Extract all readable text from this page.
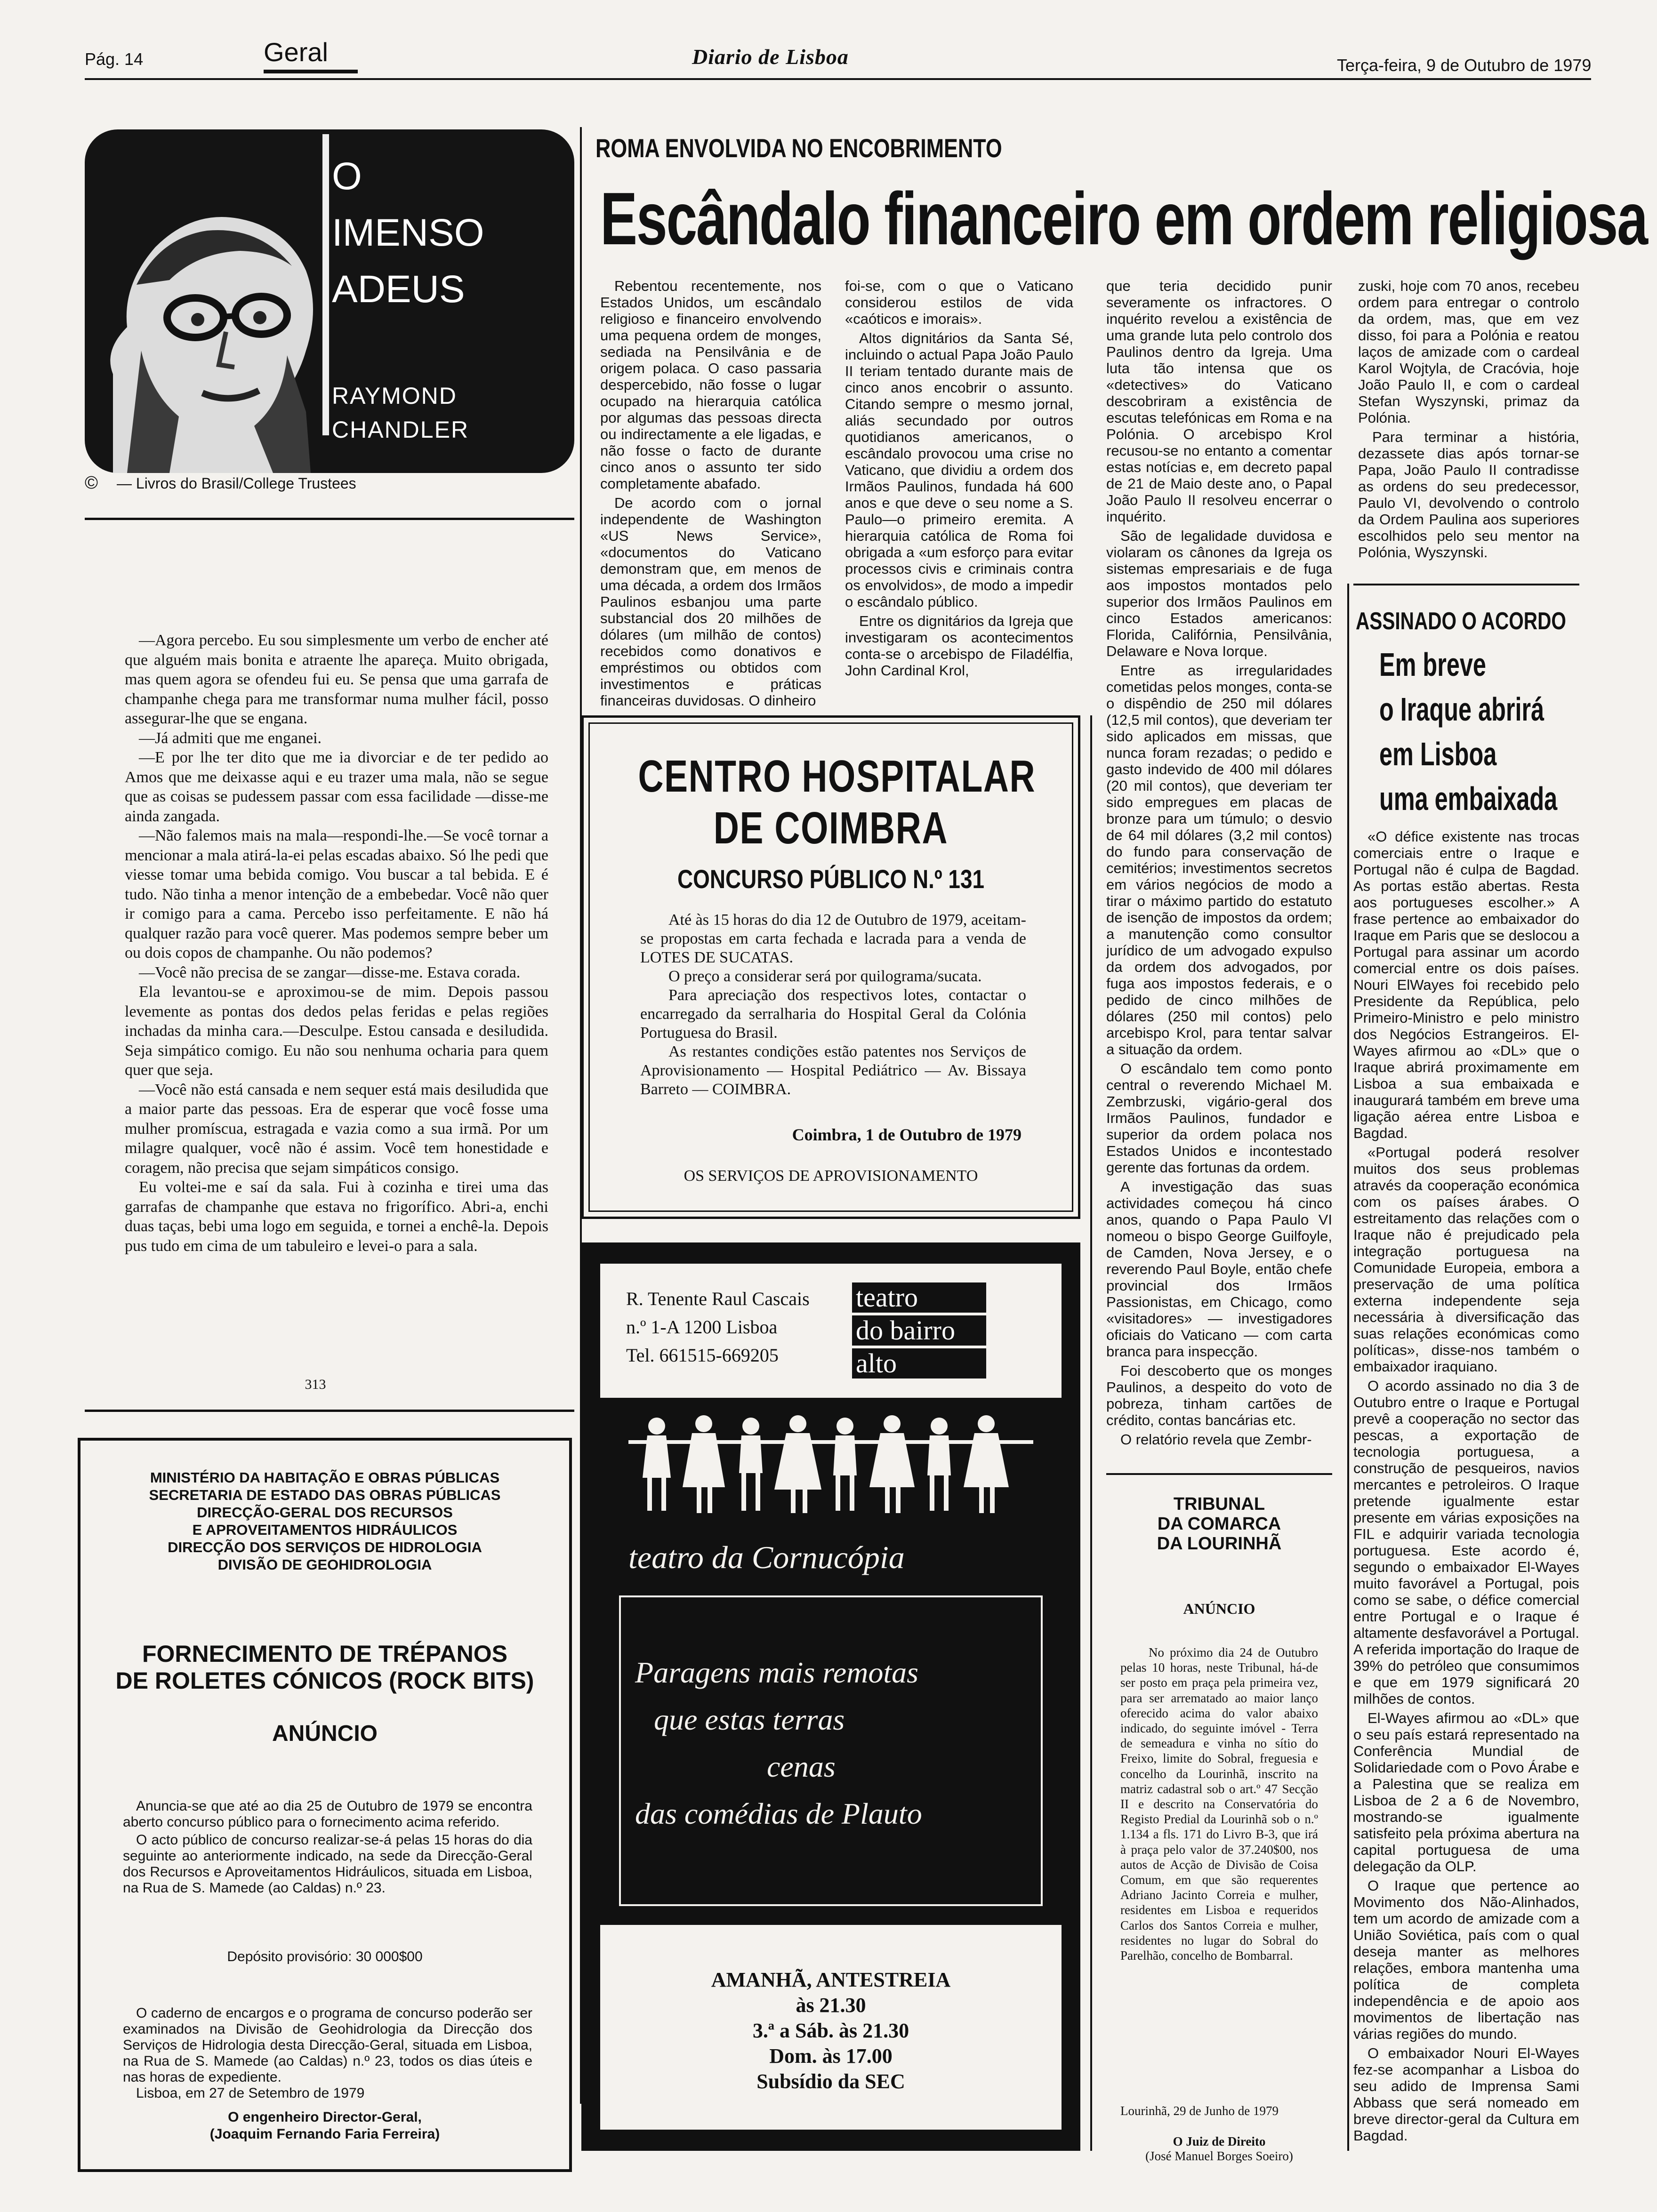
Pág. 14	Geral	Diario de Lisboa	Terça-feira, 9 de Outubro de 1979
O
IMENSO
ADEUS
RAYMOND
CHANDLER
© — Livros do Brasil/College Trustees

—Agora percebo. Eu sou simplesmente um verbo de encher até que alguém mais bonita e atraente lhe apareça. Muito obrigada, mas quem agora se ofendeu fui eu. Se pensa que uma garrafa de champanhe chega para me transformar numa mulher fácil, posso assegurar-lhe que se engana.

—Já admiti que me enganei.

—E por lhe ter dito que me ia divorciar e de ter pedido ao Amos que me deixasse aqui e eu trazer uma mala, não se segue que as coisas se pudessem passar com essa facilidade —disse-me ainda zangada.

—Não falemos mais na mala—respondi-lhe.—Se você tornar a mencionar a mala atirá-la-ei pelas escadas abaixo. Só lhe pedi que viesse tomar uma bebida comigo. Vou buscar a tal bebida. E é tudo. Não tinha a menor intenção de a embebedar. Você não quer ir comigo para a cama. Percebo isso perfeitamente. E não há qualquer razão para você querer. Mas podemos sempre beber um ou dois copos de champanhe. Ou não podemos?

—Você não precisa de se zangar—disse-me. Estava corada.

Ela levantou-se e aproximou-se de mim. Depois passou levemente as pontas dos dedos pelas feridas e pelas regiões inchadas da minha cara.—Desculpe. Estou cansada e desiludida. Seja simpático comigo. Eu não sou nenhuma ocharia para quem quer que seja.

—Você não está cansada e nem sequer está mais desiludida que a maior parte das pessoas. Era de esperar que você fosse uma mulher promíscua, estragada e vazia como a sua irmã. Por um milagre qualquer, você não é assim. Você tem honestidade e coragem, não precisa que sejam simpáticos consigo.

Eu voltei-me e saí da sala. Fui à cozinha e tirei uma das garrafas de champanhe que estava no frigorífico. Abri-a, enchi duas taças, bebi uma logo em seguida, e tornei a enchê-la. Depois pus tudo em cima de um tabuleiro e levei-o para a sala.

313
MINISTÉRIO DA HABITAÇÃO E OBRAS PÚBLICAS
SECRETARIA DE ESTADO DAS OBRAS PÚBLICAS
DIRECÇÃO-GERAL DOS RECURSOS
E APROVEITAMENTOS HIDRÁULICOS
DIRECÇÃO DOS SERVIÇOS DE HIDROLOGIA
DIVISÃO DE GEOHIDROLOGIA
FORNECIMENTO DE TRÉPANOS
DE ROLETES CÓNICOS (ROCK BITS)
ANÚNCIO

Anuncia-se que até ao dia 25 de Outubro de 1979 se encontra aberto concurso público para o fornecimento acima referido.

O acto público de concurso realizar-se-á pelas 15 horas do dia seguinte ao anteriormente indicado, na sede da Direcção-Geral dos Recursos e Aproveitamentos Hidráulicos, situada em Lisboa, na Rua de S. Mamede (ao Caldas) n.º 23.

Depósito provisório: 30 000$00

O caderno de encargos e o programa de concurso poderão ser examinados na Divisão de Geohidrologia da Direcção dos Serviços de Hidrologia desta Direcção-Geral, situada em Lisboa, na Rua de S. Mamede (ao Caldas) n.º 23, todos os dias úteis e nas horas de expediente.

Lisboa, em 27 de Setembro de 1979

O engenheiro Director-Geral,
(Joaquim Fernando Faria Ferreira)
ROMA ENVOLVIDA NO ENCOBRIMENTO
Escândalo financeiro em ordem religiosa

Rebentou recentemente, nos Estados Unidos, um escândalo religioso e financeiro envolvendo uma pequena ordem de monges, sediada na Pensilvânia e de origem polaca. O caso passaria despercebido, não fosse o lugar ocupado na hierarquia católica por algumas das pessoas directa ou indirectamente a ele ligadas, e não fosse o facto de durante cinco anos o assunto ter sido completamente abafado.

De acordo com o jornal independente de Washington «US News Service», «documentos do Vaticano demonstram que, em menos de uma década, a ordem dos Irmãos Paulinos esbanjou uma parte substancial dos 20 milhões de dólares (um milhão de contos) recebidos como donativos e empréstimos ou obtidos com investimentos e práticas financeiras duvidosas. O dinheiro

foi-se, com o que o Vaticano considerou estilos de vida «caóticos e imorais».

Altos dignitários da Santa Sé, incluindo o actual Papa João Paulo II teriam tentado durante mais de cinco anos encobrir o assunto. Citando sempre o mesmo jornal, aliás secundado por outros quotidianos americanos, o escândalo provocou uma crise no Vaticano, que dividiu a ordem dos Irmãos Paulinos, fundada há 600 anos e que deve o seu nome a S. Paulo—o primeiro eremita. A hierarquia católica de Roma foi obrigada a «um esforço para evitar processos civis e criminais contra os envolvidos», de modo a impedir o escândalo público.

Entre os dignitários da Igreja que investigaram os acontecimentos conta-se o arcebispo de Filadélfia, John Cardinal Krol,

que teria decidido punir severamente os infractores. O inquérito revelou a existência de uma grande luta pelo controlo dos Paulinos dentro da Igreja. Uma luta tão intensa que os «detectives» do Vaticano descobriram a existência de escutas telefónicas em Roma e na Polónia. O arcebispo Krol recusou-se no entanto a comentar estas notícias e, em decreto papal de 21 de Maio deste ano, o Papal João Paulo II resolveu encerrar o inquérito.

São de legalidade duvidosa e violaram os cânones da Igreja os sistemas empresariais e de fuga aos impostos montados pelo superior dos Irmãos Paulinos em cinco Estados americanos: Florida, Califórnia, Pensilvânia, Delaware e Nova Iorque.

Entre as irregularidades cometidas pelos monges, conta-se o dispêndio de 250 mil dólares (12,5 mil contos), que deveriam ter sido aplicados em missas, que nunca foram rezadas; o pedido e gasto indevido de 400 mil dólares (20 mil contos), que deveriam ter sido empregues em placas de bronze para um túmulo; o desvio de 64 mil dólares (3,2 mil contos) do fundo para conservação de cemitérios; investimentos secretos em vários negócios de modo a tirar o máximo partido do estatuto de isenção de impostos da ordem; a manutenção como consultor jurídico de um advogado expulso da ordem dos advogados, por fuga aos impostos federais, e o pedido de cinco milhões de dólares (250 mil contos) pelo arcebispo Krol, para tentar salvar a situação da ordem.

O escândalo tem como ponto central o reverendo Michael M. Zembrzuski, vigário-geral dos Irmãos Paulinos, fundador e superior da ordem polaca nos Estados Unidos e incontestado gerente das fortunas da ordem.

A investigação das suas actividades começou há cinco anos, quando o Papa Paulo VI nomeou o bispo George Guilfoyle, de Camden, Nova Jersey, e o reverendo Paul Boyle, então chefe provincial dos Irmãos Passionistas, em Chicago, como «visitadores» — investigadores oficiais do Vaticano — com carta branca para inspecção.

Foi descoberto que os monges Paulinos, a despeito do voto de pobreza, tinham cartões de crédito, contas bancárias etc.

O relatório revela que Zembr-

zuski, hoje com 70 anos, recebeu ordem para entregar o controlo da ordem, mas, que em vez disso, foi para a Polónia e reatou laços de amizade com o cardeal Karol Wojtyla, de Cracóvia, hoje João Paulo II, e com o cardeal Stefan Wyszynski, primaz da Polónia.

Para terminar a história, dezassete dias após tornar-se Papa, João Paulo II contradisse as ordens do seu predecessor, Paulo VI, devolvendo o controlo da Ordem Paulina aos superiores escolhidos pelo seu mentor na Polónia, Wyszynski.

CENTRO HOSPITALAR
DE COIMBRA
CONCURSO PÚBLICO N.º 131

Até às 15 horas do dia 12 de Outubro de 1979, aceitam-se propostas em carta fechada e lacrada para a venda de LOTES DE SUCATAS.

O preço a considerar será por quilograma/sucata.

Para apreciação dos respectivos lotes, contactar o encarregado da serralharia do Hospital Geral da Colónia Portuguesa do Brasil.

As restantes condições estão patentes nos Serviços de Aprovisionamento — Hospital Pediátrico — Av. Bissaya Barreto — COIMBRA.

Coimbra, 1 de Outubro de 1979
OS SERVIÇOS DE APROVISIONAMENTO
R. Tenente Raul Cascais
n.º 1-A 1200 Lisboa
Tel. 661515-669205
teatro
do bairro
alto
teatro da Cornucópia
Paragens mais remotas
que estas terras
cenas
das comédias de Plauto
AMANHÃ, ANTESTREIA
às 21.30
3.ª a Sáb. às 21.30
Dom. às 17.00
Subsídio da SEC
TRIBUNAL
DA COMARCA
DA LOURINHÃ
ANÚNCIO
No próximo dia 24 de Outubro pelas 10 horas, neste Tribunal, há-de ser posto em praça pela primeira vez, para ser arrematado ao maior lanço oferecido acima do valor abaixo indicado, do seguinte imóvel - Terra de semeadura e vinha no sítio do Freixo, limite do Sobral, freguesia e concelho da Lourinhã, inscrito na matriz cadastral sob o art.º 47 Secção II e descrito na Conservatória do Registo Predial da Lourinhã sob o n.º 1.134 a fls. 171 do Livro B-3, que irá à praça pelo valor de 37.240$00, nos autos de Acção de Divisão de Coisa Comum, em que são requerentes Adriano Jacinto Correia e mulher, residentes em Lisboa e requeridos Carlos dos Santos Correia e mulher, residentes no lugar do Sobral do Parelhão, concelho de Bombarral.
Lourinhã, 29 de Junho de 1979
O Juiz de Direito
(José Manuel Borges Soeiro)
ASSINADO O ACORDO
Em breve
o Iraque abrirá
em Lisboa
uma embaixada

«O défice existente nas trocas comerciais entre o Iraque e Portugal não é culpa de Bagdad. As portas estão abertas. Resta aos portugueses escolher.» A frase pertence ao embaixador do Iraque em Paris que se deslocou a Portugal para assinar um acordo comercial entre os dois países. Nouri ElWayes foi recebido pelo Presidente da República, pelo Primeiro-Ministro e pelo ministro dos Negócios Estrangeiros. El-Wayes afirmou ao «DL» que o Iraque abrirá proximamente em Lisboa a sua embaixada e inaugurará também em breve uma ligação aérea entre Lisboa e Bagdad.

«Portugal poderá resolver muitos dos seus problemas através da cooperação económica com os países árabes. O estreitamento das relações com o Iraque não é prejudicado pela integração portuguesa na Comunidade Europeia, embora a preservação de uma política externa independente seja necessária à diversificação das suas relações económicas como políticas», disse-nos também o embaixador iraquiano.

O acordo assinado no dia 3 de Outubro entre o Iraque e Portugal prevê a cooperação no sector das pescas, a exportação de tecnologia portuguesa, a construção de pesqueiros, navios mercantes e petroleiros. O Iraque pretende igualmente estar presente em várias exposições na FIL e adquirir variada tecnologia portuguesa. Este acordo é, segundo o embaixador El-Wayes muito favorável a Portugal, pois como se sabe, o défice comercial entre Portugal e o Iraque é altamente desfavorável a Portugal. A referida importação do Iraque de 39% do petróleo que consumimos e que em 1979 significará 20 milhões de contos.

El-Wayes afirmou ao «DL» que o seu país estará representado na Conferência Mundial de Solidariedade com o Povo Árabe e a Palestina que se realiza em Lisboa de 2 a 6 de Novembro, mostrando-se igualmente satisfeito pela próxima abertura na capital portuguesa de uma delegação da OLP.

O Iraque que pertence ao Movimento dos Não-Alinhados, tem um acordo de amizade com a União Soviética, país com o qual deseja manter as melhores relações, embora mantenha uma política de completa independência e de apoio aos movimentos de libertação nas várias regiões do mundo.

O embaixador Nouri El-Wayes fez-se acompanhar a Lisboa do seu adido de Imprensa Sami Abbass que será nomeado em breve director-geral da Cultura em Bagdad.
